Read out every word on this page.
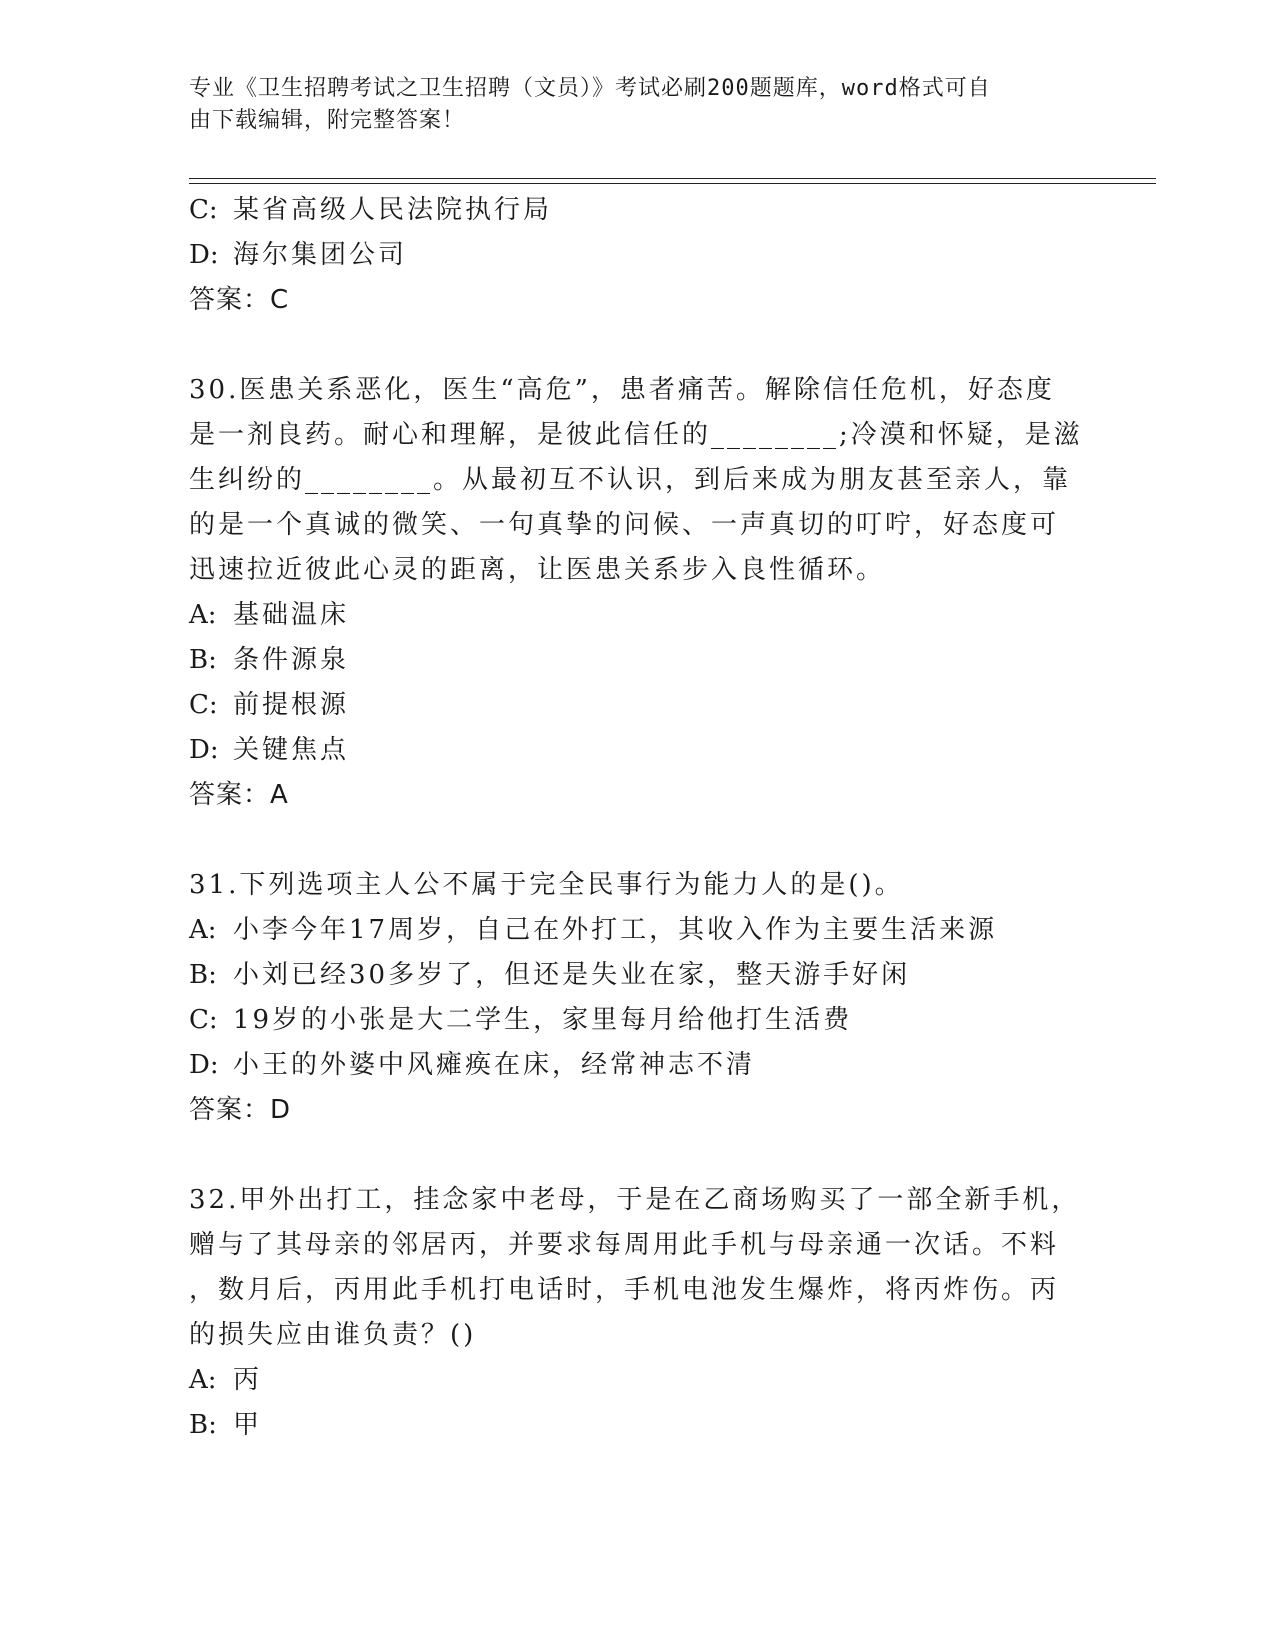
专业《卫生招聘考试之卫生招聘（文员）》考试必刷200题题库，word格式可自
由下载编辑，附完整答案！
C: 某省高级人民法院执行局
D: 海尔集团公司
答案：C
30.医患关系恶化，医生“高危”，患者痛苦。解除信任危机，好态度
是一剂良药。耐心和理解，是彼此信任的________;冷漠和怀疑，是滋
生纠纷的________。从最初互不认识，到后来成为朋友甚至亲人，靠
的是一个真诚的微笑、一句真挚的问候、一声真切的叮咛，好态度可
迅速拉近彼此心灵的距离，让医患关系步入良性循环。
A: 基础温床
B: 条件源泉
C: 前提根源
D: 关键焦点
答案：A
31.下列选项主人公不属于完全民事行为能力人的是()。
A: 小李今年17周岁，自己在外打工，其收入作为主要生活来源
B: 小刘已经30多岁了，但还是失业在家，整天游手好闲
C: 19岁的小张是大二学生，家里每月给他打生活费
D: 小王的外婆中风瘫痪在床，经常神志不清
答案：D
32.甲外出打工，挂念家中老母，于是在乙商场购买了一部全新手机，
赠与了其母亲的邻居丙，并要求每周用此手机与母亲通一次话。不料
，数月后，丙用此手机打电话时，手机电池发生爆炸，将丙炸伤。丙
的损失应由谁负责？()
A: 丙
B: 甲
